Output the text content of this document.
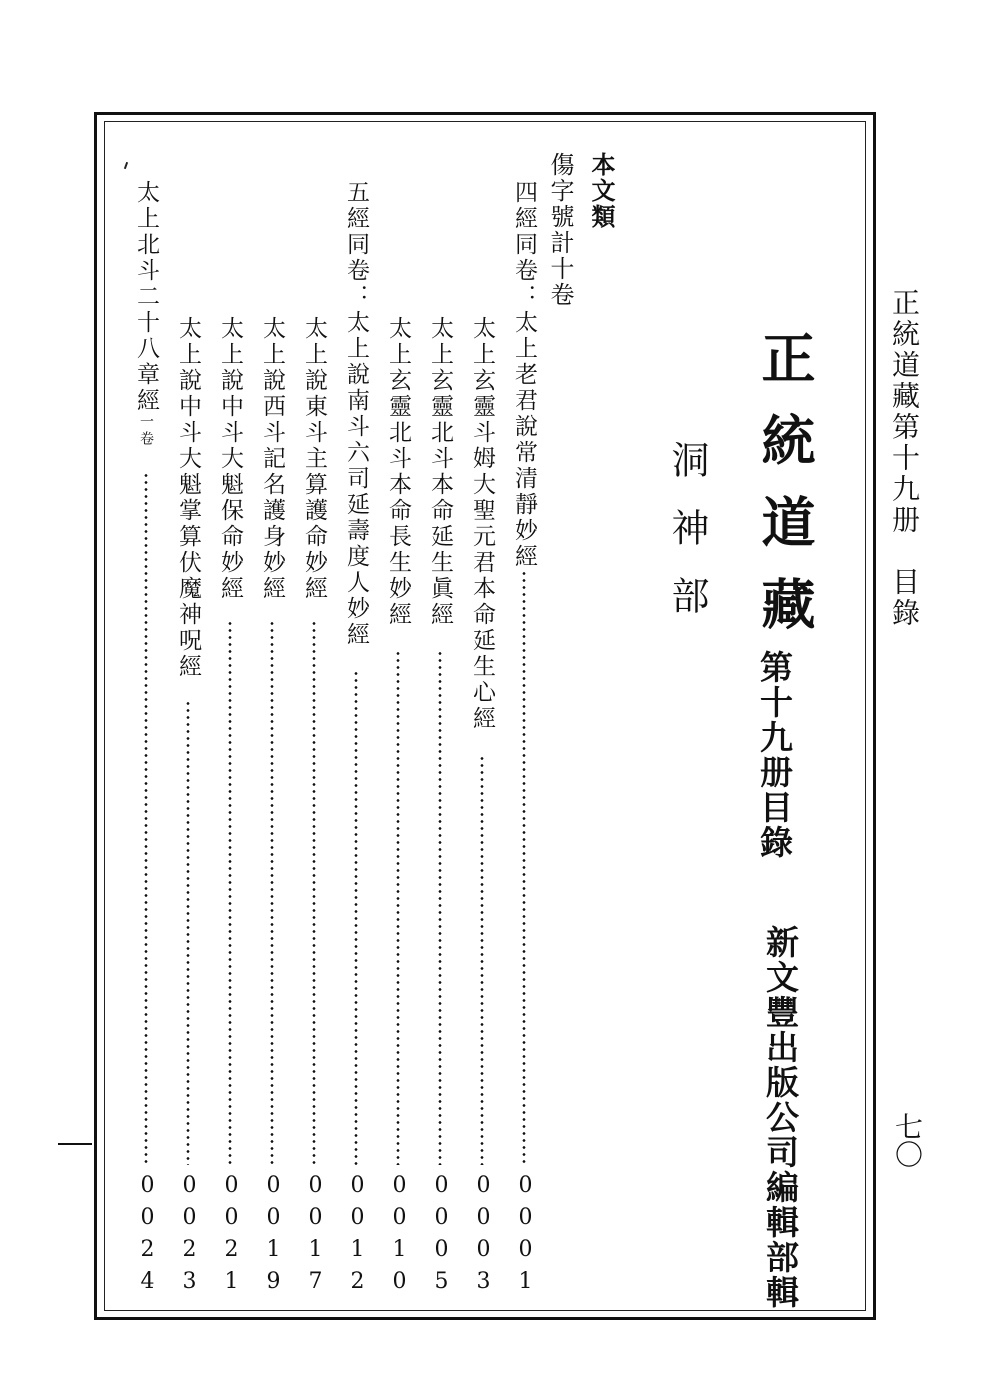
正統道藏第十九册　目錄
七〇
正統道藏
第十九册目錄
新文豐出版公司編輯部輯
洞神部
本文類
傷字號計十卷
四經同卷：太上老君說常清靜妙經
0001
太上玄靈斗姆大聖元君本命延生心經
0003
太上玄靈北斗本命延生眞經
0005
太上玄靈北斗本命長生妙經
0010
五經同卷：太上說南斗六司延壽度人妙經
0012
太上說東斗主算護命妙經
0017
太上說西斗記名護身妙經
0019
太上說中斗大魁保命妙經
0021
太上說中斗大魁掌算伏魔神呪經
0023
太上北斗二十八章經一卷
0024
